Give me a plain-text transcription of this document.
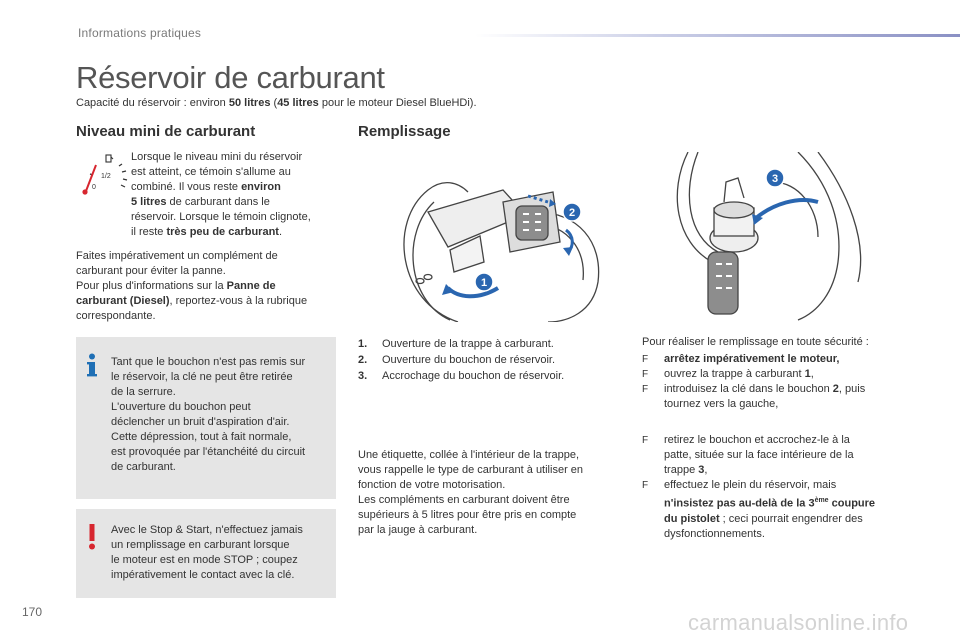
Informations pratiques
Réservoir de carburant
Capacité du réservoir : environ 50 litres (45 litres pour le moteur Diesel BlueHDi).
Niveau mini de carburant
1/2
0
Lorsque le niveau mini du réservoir
est atteint, ce témoin s'allume au
combiné. Il vous reste environ
5 litres de carburant dans le
réservoir. Lorsque le témoin clignote,
il reste très peu de carburant.
Faites impérativement un complément de
carburant pour éviter la panne.
Pour plus d'informations sur la Panne de
carburant (Diesel), reportez-vous à la rubrique
correspondante.
Tant que le bouchon n'est pas remis sur
le réservoir, la clé ne peut être retirée
de la serrure.
L'ouverture du bouchon peut
déclencher un bruit d'aspiration d'air.
Cette dépression, tout à fait normale,
est provoquée par l'étanchéité du circuit
de carburant.
Avec le Stop & Start, n'effectuez jamais
un remplissage en carburant lorsque
le moteur est en mode STOP ; coupez
impérativement le contact avec la clé.
Remplissage
1
2
3
1.	Ouverture de la trappe à carburant.
2.	Ouverture du bouchon de réservoir.
3.	Accrochage du bouchon de réservoir.
Une étiquette, collée à l'intérieur de la trappe,
vous rappelle le type de carburant à utiliser en
fonction de votre motorisation.
Les compléments en carburant doivent être
supérieurs à 5 litres pour être pris en compte
par la jauge à carburant.
Pour réaliser le remplissage en toute sécurité :
F	arrêtez impérativement le moteur,
F	ouvrez la trappe à carburant 1,
F	introduisez la clé dans le bouchon 2, puis
tournez vers la gauche,
F	retirez le bouchon et accrochez-le à la
patte, située sur la face intérieure de la
trappe 3,
F	effectuez le plein du réservoir, mais
n'insistez pas au-delà de la 3ème coupure
du pistolet ; ceci pourrait engendrer des
dysfonctionnements.
170	carmanualsonline.info
